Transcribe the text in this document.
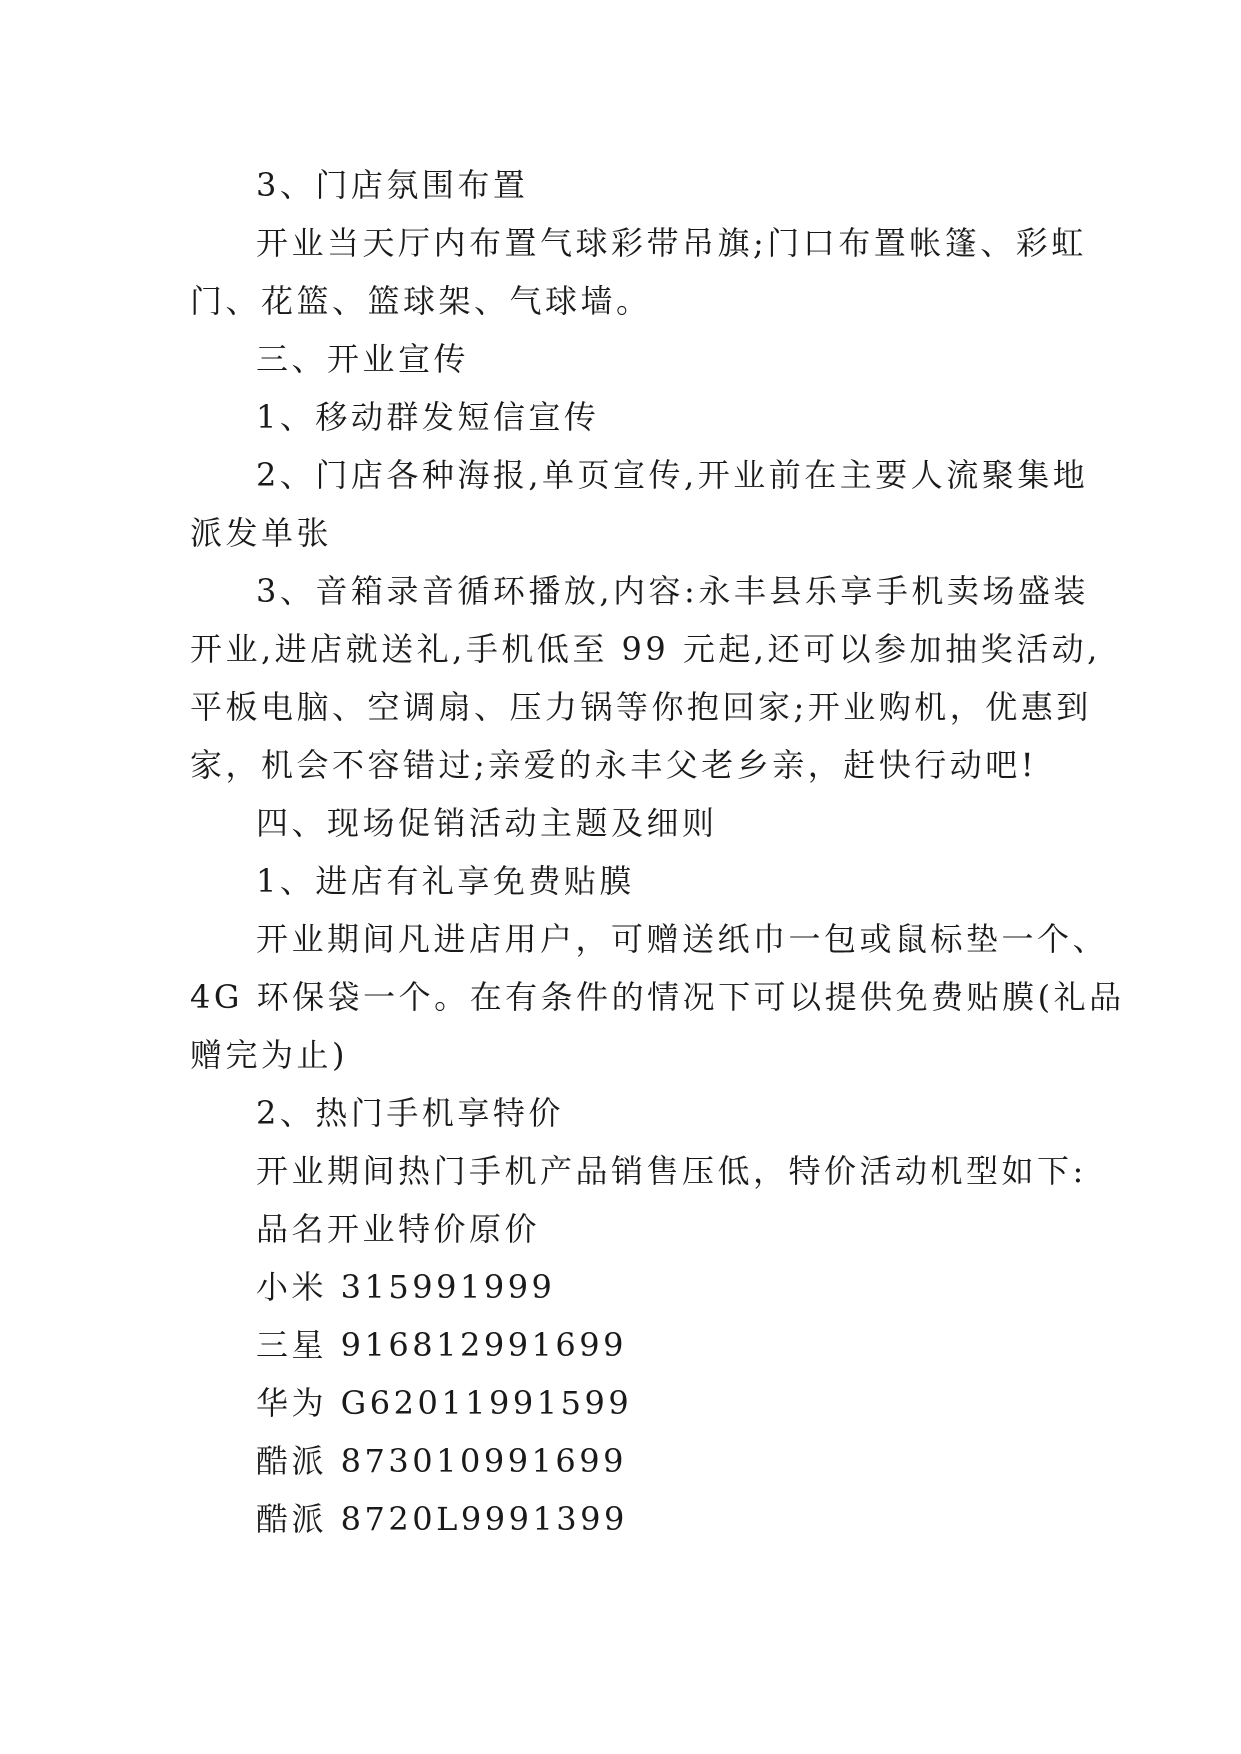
3、门店氛围布置
开业当天厅内布置气球彩带吊旗;门口布置帐篷、彩虹
门、花篮、篮球架、气球墙。
三、开业宣传
1、移动群发短信宣传
2、门店各种海报,单页宣传,开业前在主要人流聚集地
派发单张
3、音箱录音循环播放,内容:永丰县乐享手机卖场盛装
开业,进店就送礼,手机低至 99 元起,还可以参加抽奖活动,
平板电脑、空调扇、压力锅等你抱回家;开业购机，优惠到
家，机会不容错过;亲爱的永丰父老乡亲，赶快行动吧!
四、现场促销活动主题及细则
1、进店有礼享免费贴膜
开业期间凡进店用户，可赠送纸巾一包或鼠标垫一个、
4G 环保袋一个。在有条件的情况下可以提供免费贴膜(礼品
赠完为止)
2、热门手机享特价
开业期间热门手机产品销售压低，特价活动机型如下:
品名开业特价原价
小米 315991999
三星 916812991699
华为 G62011991599
酷派 873010991699
酷派 8720L9991399
